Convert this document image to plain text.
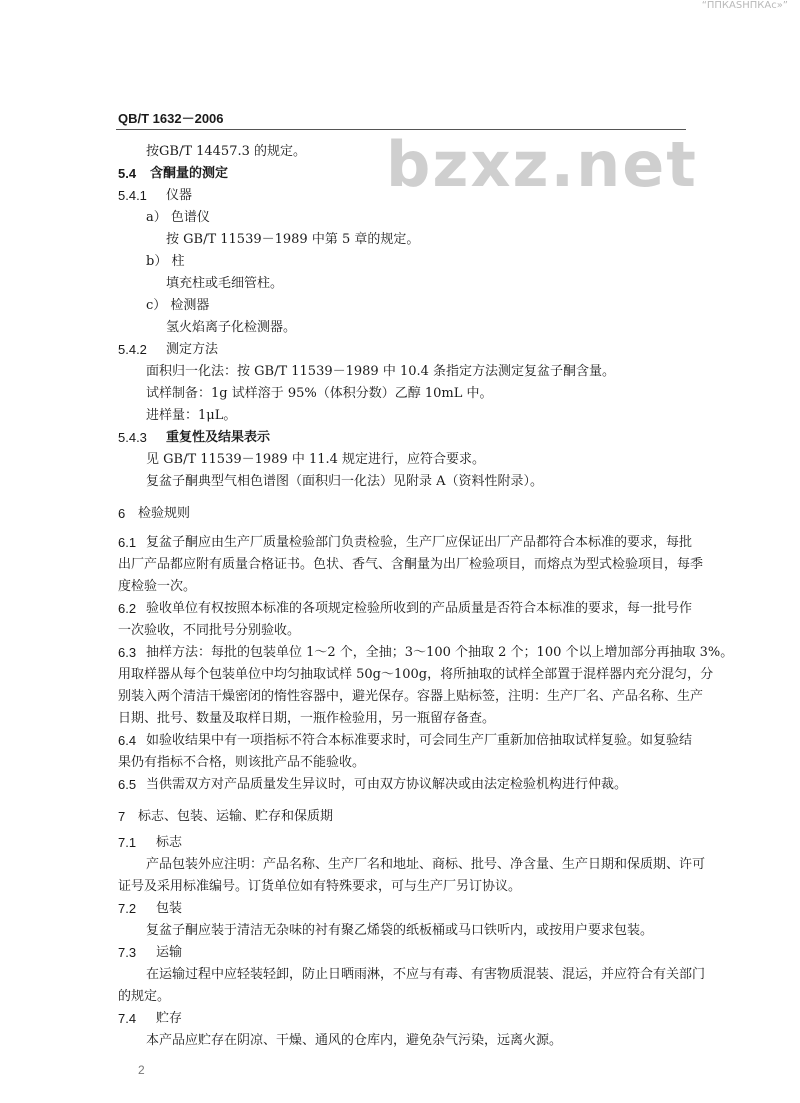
“ППКАSНПКАс»”
QB/T 1632－2006
bzxz.net
按GB/T 14457.3 的规定。
5.4 含酮量的测定
5.4.1 仪器
a） 色谱仪
按 GB/T 11539－1989 中第 5 章的规定。
b） 柱
填充柱或毛细管柱。
c） 检测器
氢火焰离子化检测器。
5.4.2 测定方法
面积归一化法：按 GB/T 11539－1989 中 10.4 条指定方法测定复盆子酮含量。
试样制备：1g 试样溶于 95%（体积分数）乙醇 10mL 中。
进样量：1μL。
5.4.3 重复性及结果表示
见 GB/T 11539－1989 中 11.4 规定进行，应符合要求。
复盆子酮典型气相色谱图（面积归一化法）见附录 A（资料性附录）。
6 检验规则
6.1 复盆子酮应由生产厂质量检验部门负责检验，生产厂应保证出厂产品都符合本标准的要求，每批
出厂产品都应附有质量合格证书。色状、香气、含酮量为出厂检验项目，而熔点为型式检验项目，每季
度检验一次。
6.2 验收单位有权按照本标准的各项规定检验所收到的产品质量是否符合本标准的要求，每一批号作
一次验收，不同批号分别验收。
6.3 抽样方法：每批的包装单位 1～2 个，全抽；3～100 个抽取 2 个；100 个以上增加部分再抽取 3%。
用取样器从每个包装单位中均匀抽取试样 50g～100g，将所抽取的试样全部置于混样器内充分混匀，分
别装入两个清洁干燥密闭的惰性容器中，避光保存。容器上贴标签，注明：生产厂名、产品名称、生产
日期、批号、数量及取样日期，一瓶作检验用，另一瓶留存备查。
6.4 如验收结果中有一项指标不符合本标准要求时，可会同生产厂重新加倍抽取试样复验。如复验结
果仍有指标不合格，则该批产品不能验收。
6.5 当供需双方对产品质量发生异议时，可由双方协议解决或由法定检验机构进行仲裁。
7 标志、包装、运输、贮存和保质期
7.1 标志
产品包装外应注明：产品名称、生产厂名和地址、商标、批号、净含量、生产日期和保质期、许可
证号及采用标准编号。订货单位如有特殊要求，可与生产厂另订协议。
7.2 包装
复盆子酮应装于清洁无杂味的衬有聚乙烯袋的纸板桶或马口铁听内，或按用户要求包装。
7.3 运输
在运输过程中应轻装轻卸，防止日晒雨淋，不应与有毒、有害物质混装、混运，并应符合有关部门
的规定。
7.4 贮存
本产品应贮存在阴凉、干燥、通风的仓库内，避免杂气污染，远离火源。
2
